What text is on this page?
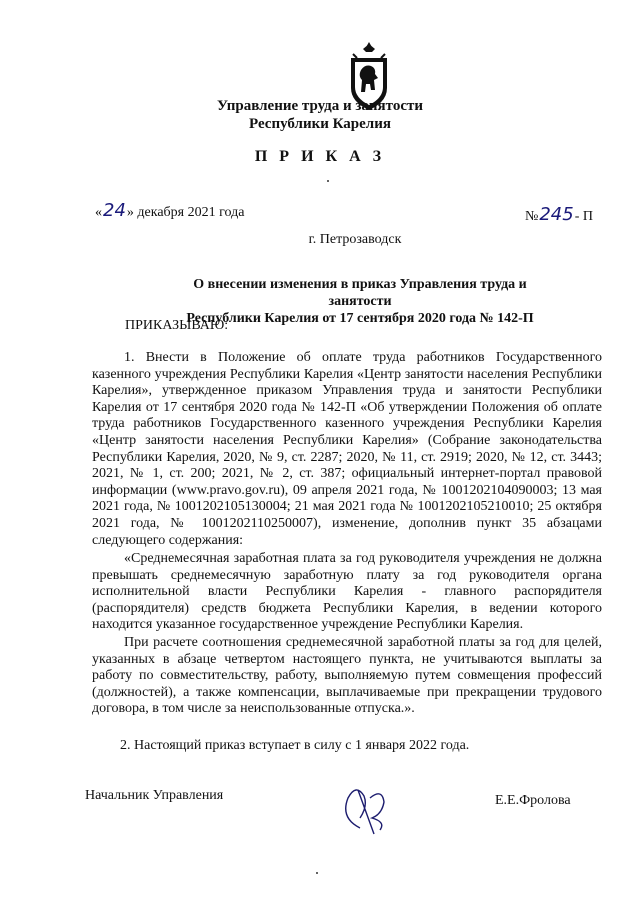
Управление труда и занятости
Республики Карелия
П Р И К А З
«24» декабря 2021 года	№245- П
г. Петрозаводск
О внесении изменения в приказ Управления труда и занятости
Республики Карелия от 17 сентября 2020 года № 142-П
ПРИКАЗЫВАЮ:
1. Внести в Положение об оплате труда работников Государственного казенного учреждения Республики Карелия «Центр занятости населения Республики Карелия», утвержденное приказом Управления труда и занятости Республики Карелия от 17 сентября 2020 года № 142-П «Об утверждении Положения об оплате труда работников Государственного казенного учреждения Республики Карелия «Центр занятости населения Республики Карелия» (Собрание законодательства Республики Карелия, 2020, № 9, ст. 2287; 2020, № 11, ст. 2919; 2020, № 12, ст. 3443; 2021, № 1, ст. 200; 2021, № 2, ст. 387; официальный интернет-портал правовой информации (www.pravo.gov.ru), 09 апреля 2021 года, № 1001202104090003; 13 мая 2021 года, № 1001202105130004; 21 мая 2021 года № 1001202105210010; 25 октября 2021 года, № 1001202110250007), изменение, дополнив пункт 35 абзацами следующего содержания:
«Среднемесячная заработная плата за год руководителя учреждения не должна превышать среднемесячную заработную плату за год руководителя органа исполнительной власти Республики Карелия - главного распорядителя (распорядителя) средств бюджета Республики Карелия, в ведении которого находится указанное государственное учреждение Республики Карелия.
При расчете соотношения среднемесячной заработной платы за год для целей, указанных в абзаце четвертом настоящего пункта, не учитываются выплаты за работу по совместительству, работу, выполняемую путем совмещения профессий (должностей), а также компенсации, выплачиваемые при прекращении трудового договора, в том числе за неиспользованные отпуска.».
2. Настоящий приказ вступает в силу с 1 января 2022 года.
Начальник Управления	Е.Е.Фролова
